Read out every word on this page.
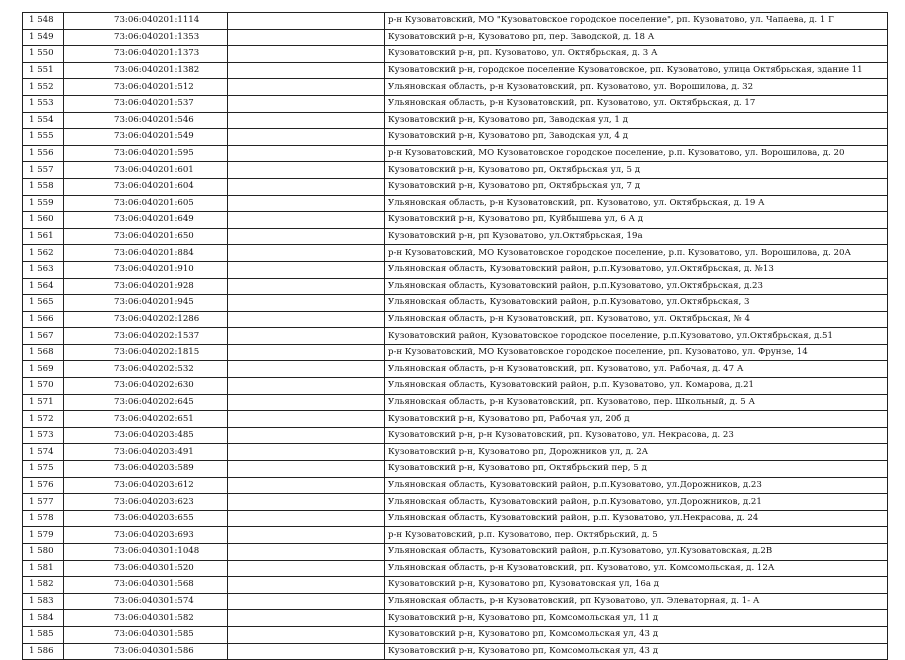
1 548	73:06:040201:1114		р-н Кузоватовский, МО "Кузоватовское городское поселение", рп. Кузоватово, ул. Чапаева, д. 1 Г
1 549	73:06:040201:1353		Кузоватовский р-н, Кузоватово рп, пер. Заводской, д. 18 А
1 550	73:06:040201:1373		Кузоватовский р-н, рп. Кузоватово, ул. Октябрьская, д. 3 А
1 551	73:06:040201:1382		Кузоватовский р-н, городское поселение Кузоватовское, рп. Кузоватово, улица Октябрьская, здание 11
1 552	73:06:040201:512		Ульяновская область, р-н Кузоватовский, рп. Кузоватово, ул. Ворошилова, д. 32
1 553	73:06:040201:537		Ульяновская область, р-н Кузоватовский, рп. Кузоватово, ул. Октябрьская, д. 17
1 554	73:06:040201:546		Кузоватовский р-н, Кузоватово рп, Заводская ул, 1 д
1 555	73:06:040201:549		Кузоватовский р-н, Кузоватово рп, Заводская ул, 4 д
1 556	73:06:040201:595		р-н Кузоватовский, МО Кузоватовское городское поселение, р.п. Кузоватово, ул. Ворошилова, д. 20
1 557	73:06:040201:601		Кузоватовский р-н, Кузоватово рп, Октябрьская ул, 5 д
1 558	73:06:040201:604		Кузоватовский р-н, Кузоватово рп, Октябрьская ул, 7 д
1 559	73:06:040201:605		Ульяновская область, р-н Кузоватовский, рп. Кузоватово, ул. Октябрьская, д. 19 А
1 560	73:06:040201:649		Кузоватовский р-н, Кузоватово рп, Куйбышева ул, 6 А д
1 561	73:06:040201:650		Кузоватовский р-н, рп Кузоватово, ул.Октябрьская, 19а
1 562	73:06:040201:884		р-н Кузоватовский, МО Кузоватовское городское поселение, р.п. Кузоватово, ул. Ворошилова, д. 20А
1 563	73:06:040201:910		Ульяновская область, Кузоватовский район, р.п.Кузоватово, ул.Октябрьская, д. №13
1 564	73:06:040201:928		Ульяновская область, Кузоватовский район, р.п.Кузоватово, ул.Октябрьская, д.23
1 565	73:06:040201:945		Ульяновская область, Кузоватовский район, р.п.Кузоватово, ул.Октябрьская, 3
1 566	73:06:040202:1286		Ульяновская область, р-н Кузоватовский, рп. Кузоватово, ул. Октябрьская, № 4
1 567	73:06:040202:1537		Кузоватовский район, Кузоватовское городское поселение, р.п.Кузоватово, ул.Октябрьская, д.51
1 568	73:06:040202:1815		р-н Кузоватовский, МО Кузоватовское городское поселение, рп. Кузоватово, ул. Фрунзе, 14
1 569	73:06:040202:532		Ульяновская область, р-н Кузоватовский, рп. Кузоватово, ул. Рабочая, д. 47 А
1 570	73:06:040202:630		Ульяновская область, Кузоватовский район, р.п. Кузоватово, ул. Комарова, д.21
1 571	73:06:040202:645		Ульяновская область, р-н Кузоватовский, рп. Кузоватово, пер. Школьный, д. 5 А
1 572	73:06:040202:651		Кузоватовский р-н, Кузоватово рп, Рабочая ул, 20б д
1 573	73:06:040203:485		Кузоватовский р-н, р-н Кузоватовский, рп. Кузоватово, ул. Некрасова, д. 23
1 574	73:06:040203:491		Кузоватовский р-н, Кузоватово рп, Дорожников ул, д. 2А
1 575	73:06:040203:589		Кузоватовский р-н, Кузоватово рп, Октябрьский пер, 5 д
1 576	73:06:040203:612		Ульяновская область, Кузоватовский район, р.п.Кузоватово, ул.Дорожников, д.23
1 577	73:06:040203:623		Ульяновская область, Кузоватовский район, р.п.Кузоватово, ул.Дорожников, д.21
1 578	73:06:040203:655		Ульяновская область, Кузоватовский район, р.п. Кузоватово, ул.Некрасова, д. 24
1 579	73:06:040203:693		р-н Кузоватовский, р.п. Кузоватово, пер. Октябрьский, д. 5
1 580	73:06:040301:1048		Ульяновская область, Кузоватовский район, р.п.Кузоватово, ул.Кузоватовская, д.2В
1 581	73:06:040301:520		Ульяновская область, р-н Кузоватовский, рп. Кузоватово, ул. Комсомольская, д. 12А
1 582	73:06:040301:568		Кузоватовский р-н, Кузоватово рп, Кузоватовская ул, 16а д
1 583	73:06:040301:574		Ульяновская область, р-н Кузоватовский, рп Кузоватово, ул. Элеваторная, д. 1- А
1 584	73:06:040301:582		Кузоватовский р-н, Кузоватово рп, Комсомольская ул, 11 д
1 585	73:06:040301:585		Кузоватовский р-н, Кузоватово рп, Комсомольская ул, 43 д
1 586	73:06:040301:586		Кузоватовский р-н, Кузоватово рп, Комсомольская ул, 43 д
